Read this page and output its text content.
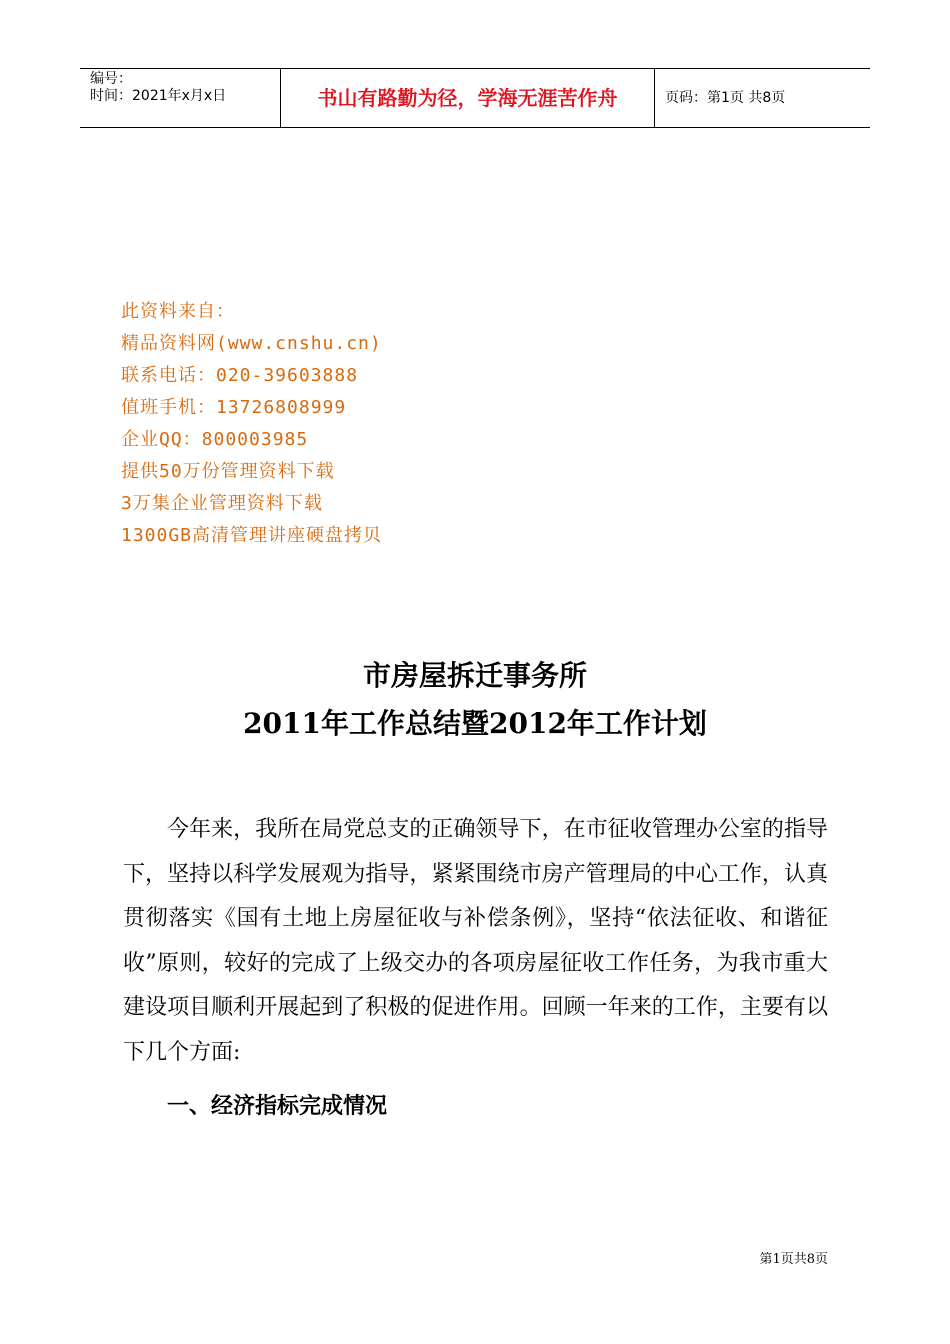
编号：
时间：2021年x月x日	书山有路勤为径，学海无涯苦作舟	页码：第1页 共8页
此资料来自：
精品资料网(www.cnshu.cn)
联系电话：020-39603888
值班手机：13726808999
企业QQ：800003985
提供50万份管理资料下载
3万集企业管理资料下载
1300GB高清管理讲座硬盘拷贝
市房屋拆迁事务所
2011年工作总结暨2012年工作计划
今年来，我所在局党总支的正确领导下，在市征收管理办公室的指导下，坚持以科学发展观为指导，紧紧围绕市房产管理局的中心工作，认真贯彻落实《国有土地上房屋征收与补偿条例》，坚持“依法征收、和谐征收”原则，较好的完成了上级交办的各项房屋征收工作任务，为我市重大建设项目顺利开展起到了积极的促进作用。回顾一年来的工作，主要有以下几个方面:
一、经济指标完成情况
第1页共8页
